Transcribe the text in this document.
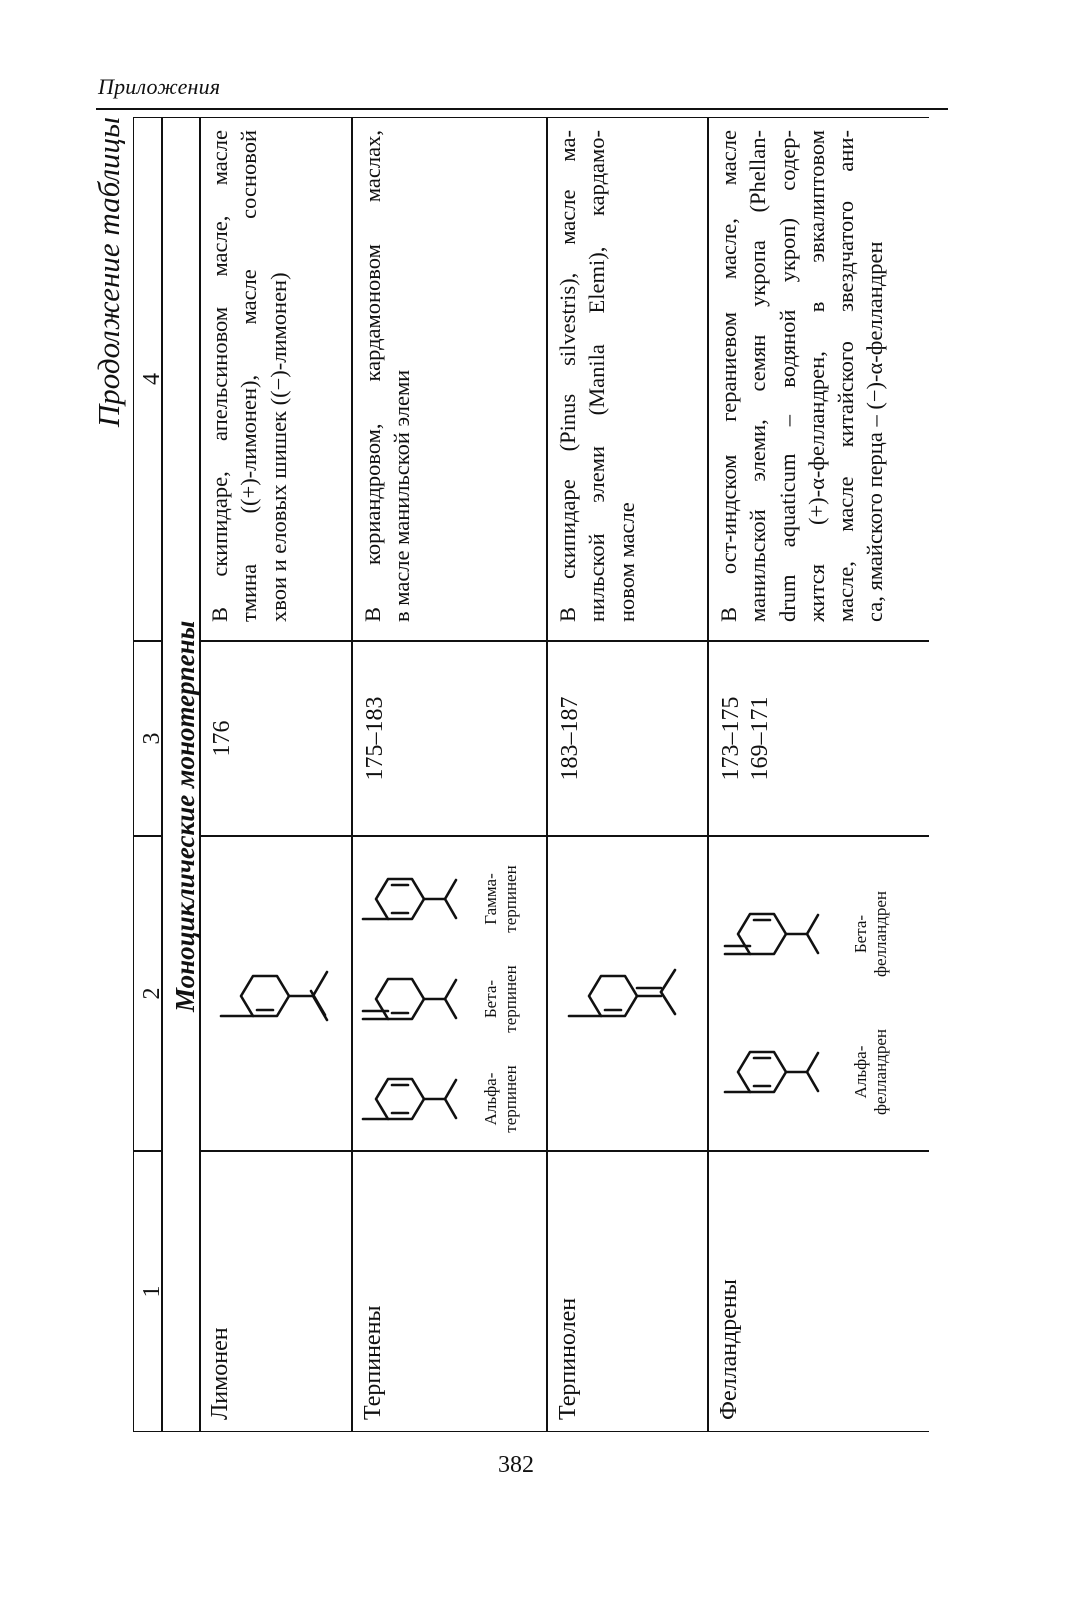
Приложения
Продолжение таблицы
1
2
3
4
Моноциклические монотерпены
Лимонен
176
В скипидаре, апельсиновом масле, масле тмина ((+)-лимонен), масле сосновой хвои и еловых шишек ((−)-лимонен)
Терпинены
Альфа-
терпинен
Бета-
терпинен
Гамма-
терпинен
175–183
В кориандровом, кардамоновом маслах, в масле манильской элеми
Терпинолен
183–187
В скипидаре (Pinus silvestris), масле ма- нильской элеми (Manila Elemi), кардамо- новом масле
Фелландрены
Альфа-
фелландрен
Бета-
фелландрен
173–175 169–171
В ост-индском гераниевом масле, масле манильской элеми, семян укропа (Phellan- drum aquaticum – водяной укроп) содер- жится (+)-α-фелландрен, в эвкалиптовом масле, масле китайского звездчатого ани- са, ямайского перца – (−)-α-фелландрен
382
